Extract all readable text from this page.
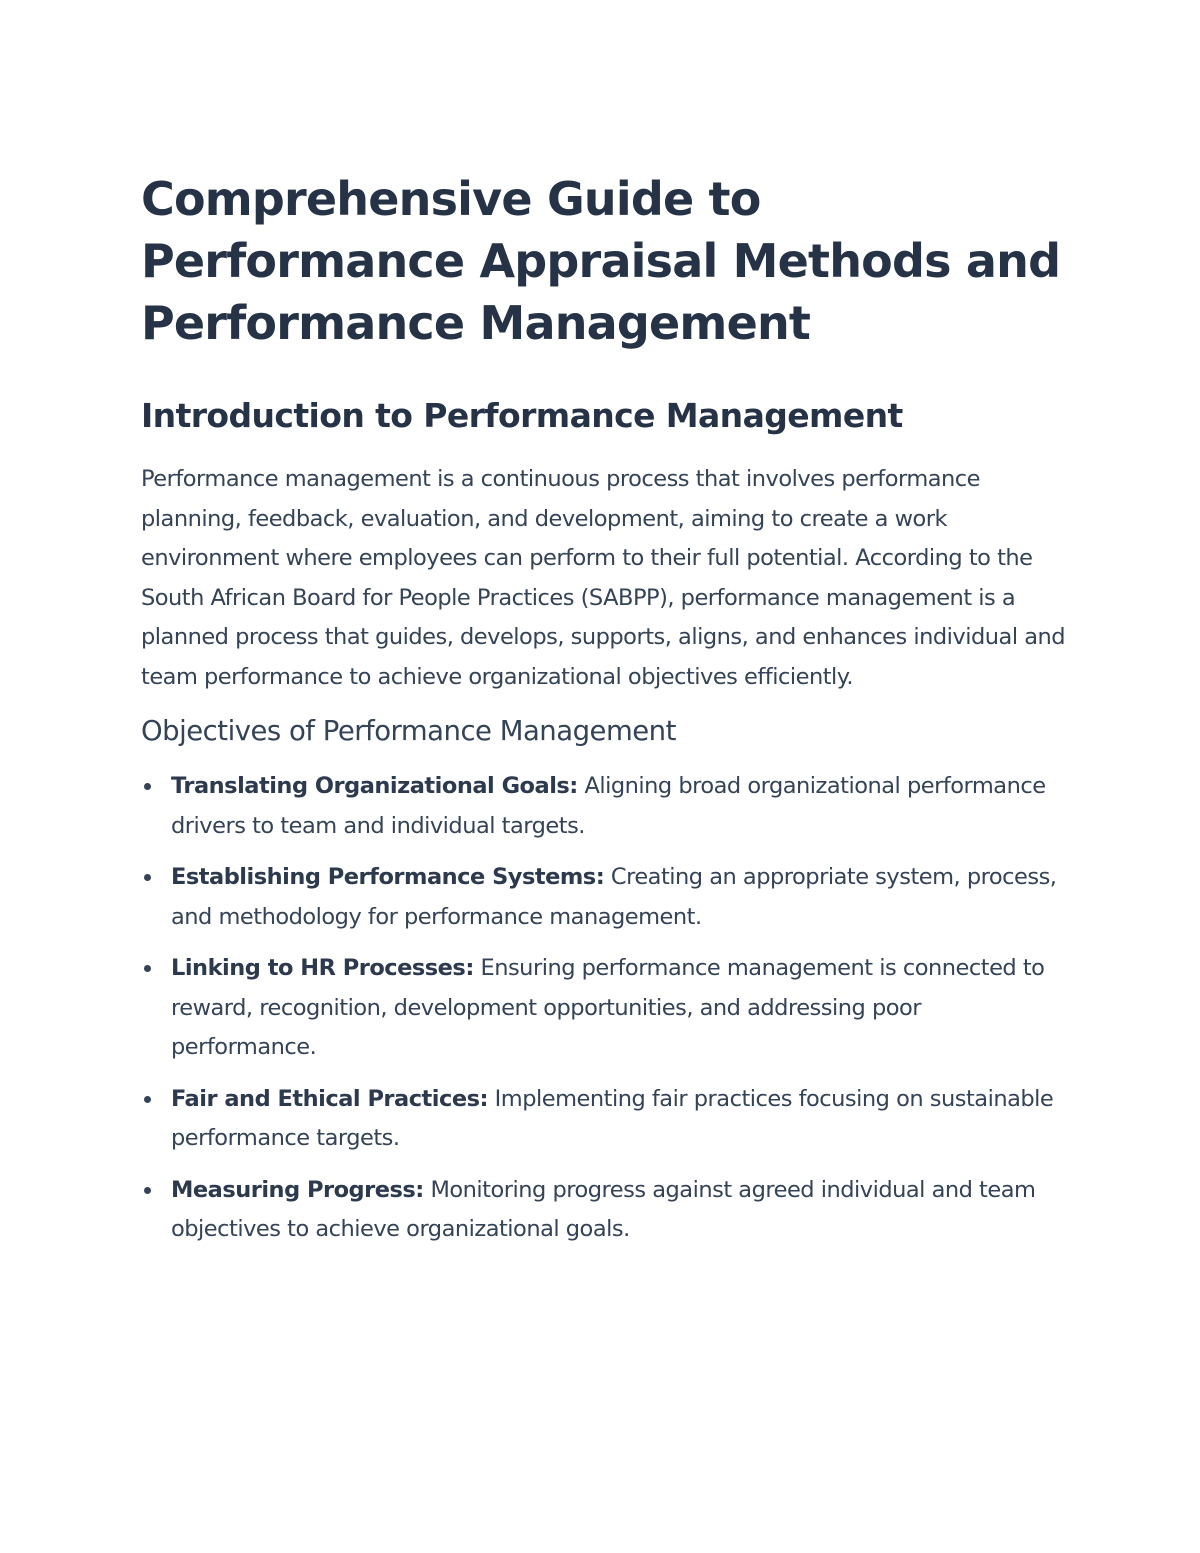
Comprehensive Guide to Performance Appraisal Methods and Performance Management
Introduction to Performance Management

Performance management is a continuous process that involves performance planning, feedback, evaluation, and development, aiming to create a work environment where employees can perform to their full potential. According to the South African Board for People Practices (SABPP), performance management is a planned process that guides, develops, supports, aligns, and enhances individual and team performance to achieve organizational objectives efficiently.

Objectives of Performance Management
Translating Organizational Goals: Aligning broad organizational performance drivers to team and individual targets.
Establishing Performance Systems: Creating an appropriate system, process, and methodology for performance management.
Linking to HR Processes: Ensuring performance management is connected to reward, recognition, development opportunities, and addressing poor performance.
Fair and Ethical Practices: Implementing fair practices focusing on sustainable performance targets.
Measuring Progress: Monitoring progress against agreed individual and team objectives to achieve organizational goals.
